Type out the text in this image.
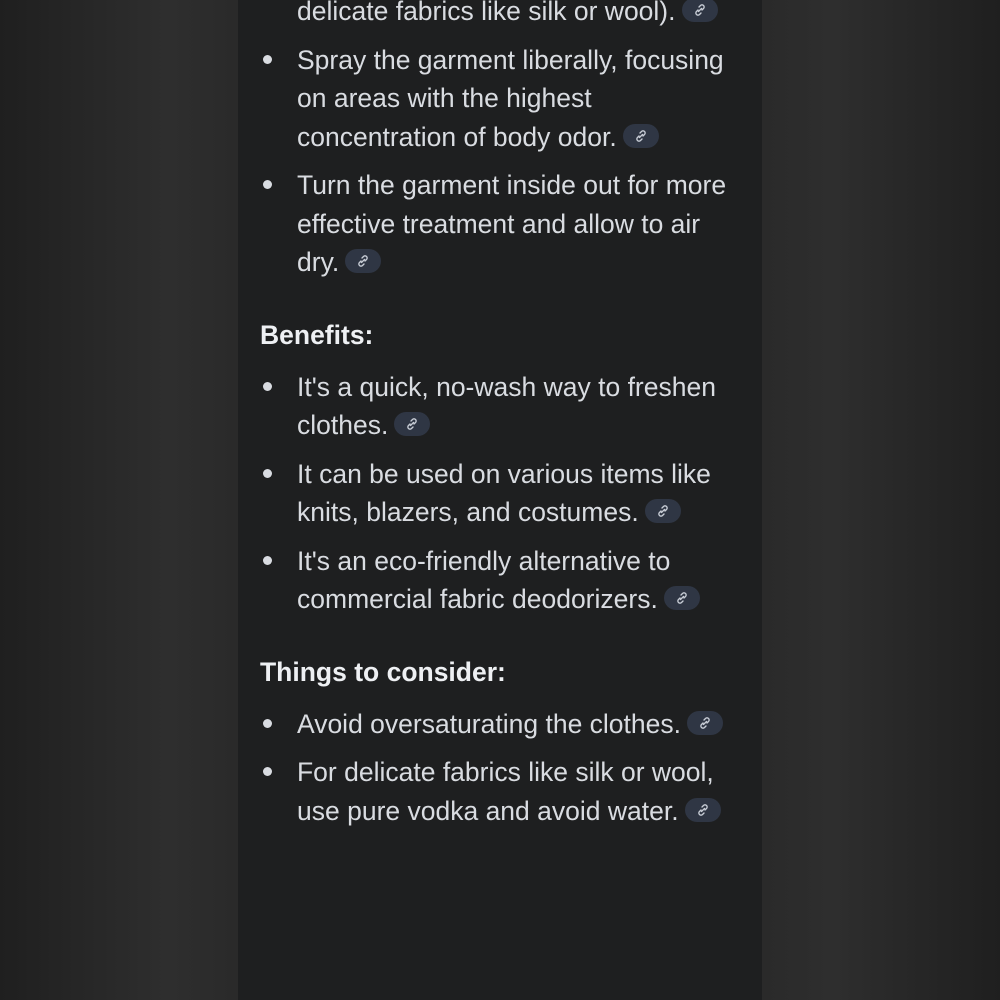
delicate fabrics like silk or wool).
Spray the garment liberally, focusing on areas with the highest concentration of body odor.
Turn the garment inside out for more effective treatment and allow to air dry.
Benefits:
It's a quick, no-wash way to freshen clothes.
It can be used on various items like knits, blazers, and costumes.
It's an eco-friendly alternative to commercial fabric deodorizers.
Things to consider:
Avoid oversaturating the clothes.
For delicate fabrics like silk or wool, use pure vodka and avoid water.
